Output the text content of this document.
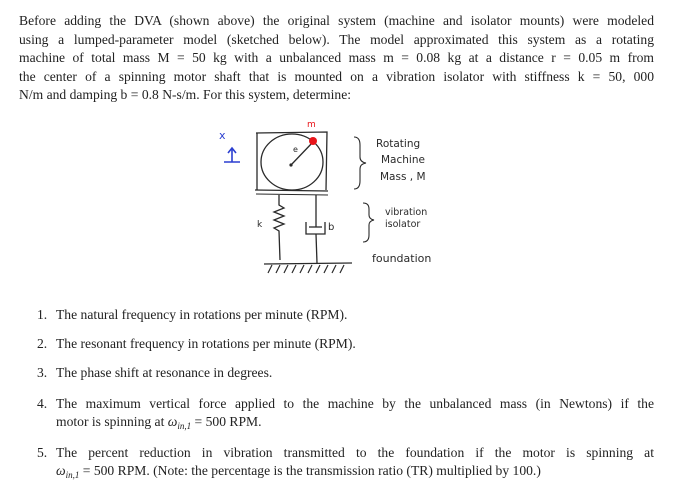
Before adding the DVA (shown above) the original system (machine and isolator mounts) were modeled
using a lumped-parameter model (sketched below). The model approximated this system as a rotating
machine of total mass M = 50 kg with a unbalanced mass m = 0.08 kg at a distance r = 0.05 m from
the center of a spinning motor shaft that is mounted on a vibration isolator with stiffness k = 50, 000
N/m and damping b = 0.8 N-s/m. For this system, determine:
x
m
e
k	b
Rotating
Machine
Mass , M
vibration
isolator
foundation
1. The natural frequency in rotations per minute (RPM).
2. The resonant frequency in rotations per minute (RPM).
3. The phase shift at resonance in degrees.
4. The maximum vertical force applied to the machine by the unbalanced mass (in Newtons) if the
motor is spinning at $\omega_{in,1} = 500$ RPM.
5. The percent reduction in vibration transmitted to the foundation if the motor is spinning at
$\omega_{in,1} = 500$ RPM. (Note: the percentage is the transmission ratio (TR) multiplied by 100.)
